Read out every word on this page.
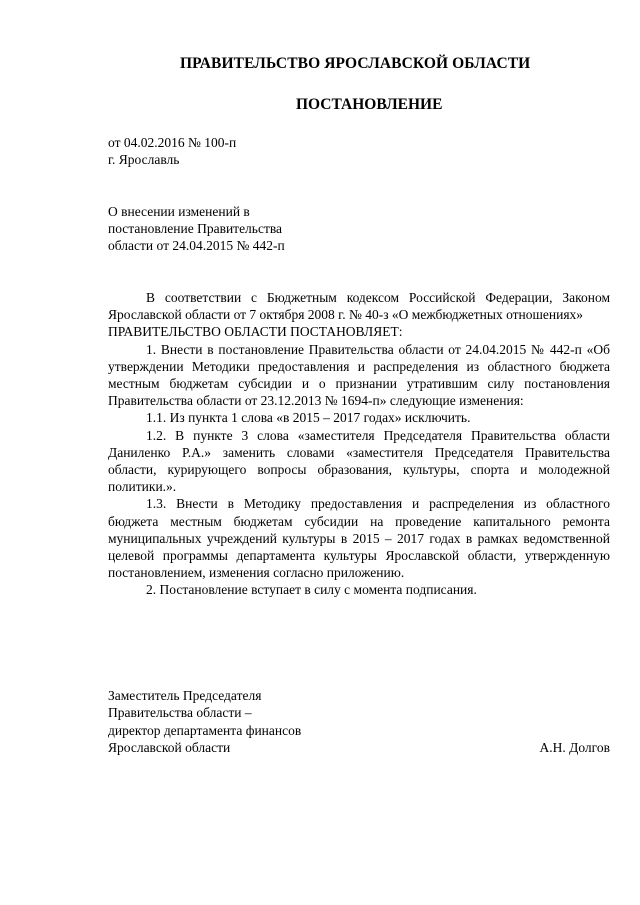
ПРАВИТЕЛЬСТВО ЯРОСЛАВСКОЙ ОБЛАСТИ
ПОСТАНОВЛЕНИЕ
от 04.02.2016 № 100-п
г. Ярославль
О внесении изменений в
постановление Правительства
области от 24.04.2015 № 442-п

В соответствии с Бюджетным кодексом Российской Федерации, Законом Ярославской области от 7 октября 2008 г. № 40-з «О межбюджетных отношениях»

ПРАВИТЕЛЬСТВО ОБЛАСТИ ПОСТАНОВЛЯЕТ:

1. Внести в постановление Правительства области от 24.04.2015 № 442-п «Об утверждении Методики предоставления и распределения из областного бюджета местным бюджетам субсидии и о признании утратившим силу постановления Правительства области от 23.12.2013 № 1694-п» следующие изменения:

1.1. Из пункта 1 слова «в 2015 – 2017 годах» исключить.

1.2. В пункте 3 слова «заместителя Председателя Правительства области Даниленко Р.А.» заменить словами «заместителя Председателя Правительства области, курирующего вопросы образования, культуры, спорта и молодежной политики.».

1.3. Внести в Методику предоставления и распределения из областного бюджета местным бюджетам субсидии на проведение капитального ремонта муниципальных учреждений культуры в 2015 – 2017 годах в рамках ведомственной целевой программы департамента культуры Ярославской области, утвержденную постановлением, изменения согласно приложению.

2. Постановление вступает в силу с момента подписания.

Заместитель Председателя
Правительства области –
директор департамента финансов
Ярославской области	А.Н. Долгов
